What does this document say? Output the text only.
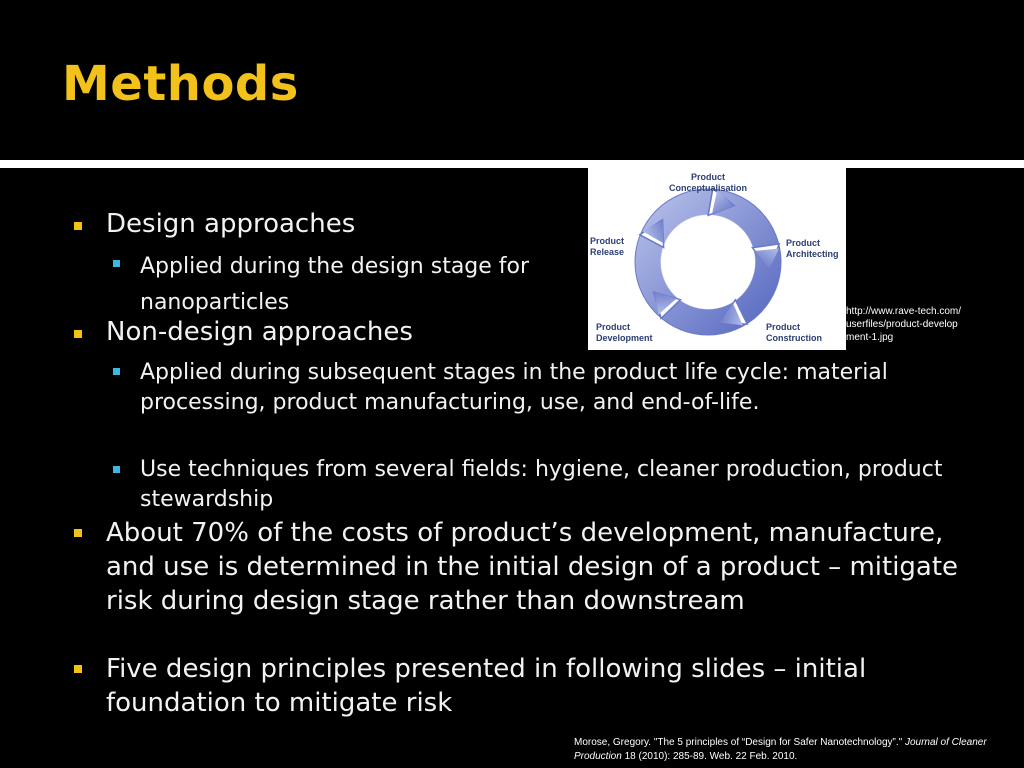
Methods
Design approaches
Applied during the design stage for nanoparticles
Non-design approaches
Applied during subsequent stages in the product life cycle: material processing, product manufacturing, use, and end-of-life.
Use techniques from several fields: hygiene, cleaner production, product stewardship
About 70% of the costs of product’s development, manufacture, and use is determined in the initial design of a product – mitigate risk during design stage rather than downstream
Five design principles presented in following slides – initial foundation to mitigate risk
Product Conceptualisation
Product Architecting
Product Construction
Product Development
Product Release
http://www.rave-tech.com/userfiles/product-development-1.jpg
Morose, Gregory. "The 5 principles of “Design for Safer Nanotechnology”." Journal of Cleaner Production 18 (2010): 285-89. Web. 22 Feb. 2010.
